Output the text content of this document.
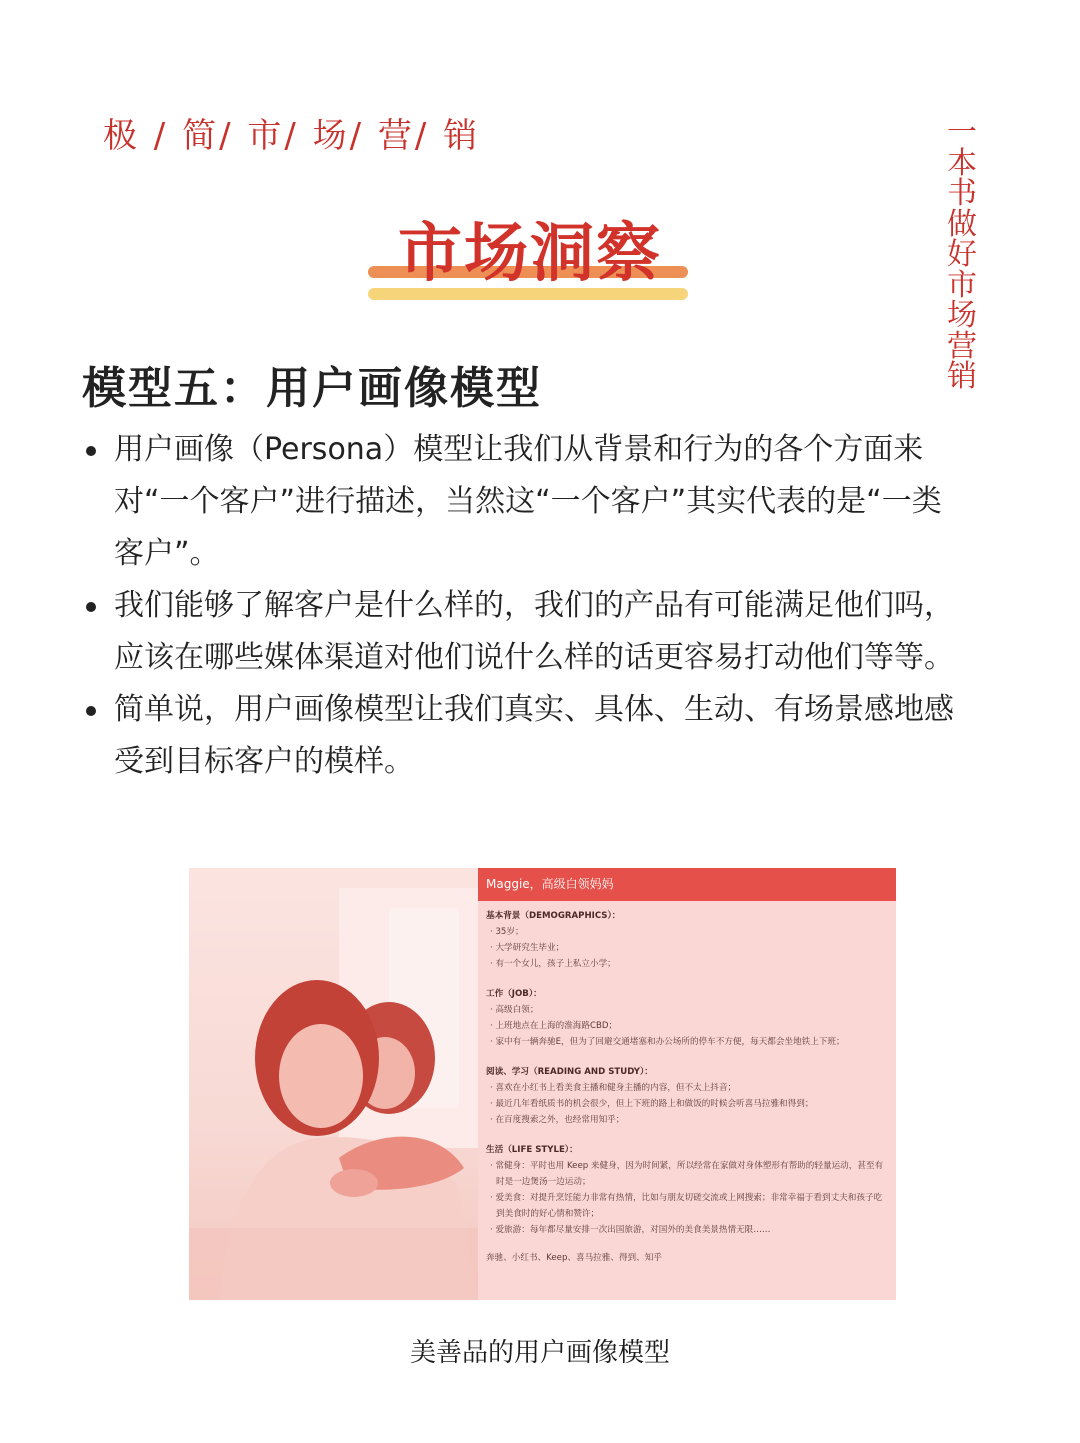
极 / 简/ 市/ 场/ 营/ 销	一本书做好市场营销
市场洞察
模型五：用户画像模型
用户画像（Persona）模型让我们从背景和行为的各个方面来对“一个客户”进行描述，当然这“一个客户”其实代表的是“一类客户”。
我们能够了解客户是什么样的，我们的产品有可能满足他们吗，应该在哪些媒体渠道对他们说什么样的话更容易打动他们等等。
简单说，用户画像模型让我们真实、具体、生动、有场景感地感受到目标客户的模样。
Maggie，高级白领妈妈
基本背景（DEMOGRAPHICS）：
· 35岁；
· 大学研究生毕业；
· 有一个女儿，孩子上私立小学；
工作（JOB）：
· 高级白领；
· 上班地点在上海的淮海路CBD；
· 家中有一辆奔驰E，但为了回避交通堵塞和办公场所的停车不方便，每天都会坐地铁上下班；
阅读、学习（READING AND STUDY）：
· 喜欢在小红书上看美食主播和健身主播的内容，但不太上抖音；
· 最近几年看纸质书的机会很少，但上下班的路上和做饭的时候会听喜马拉雅和得到；
· 在百度搜索之外，也经常用知乎；
生活（LIFE STYLE）：
· 常健身：平时也用 Keep 来健身，因为时间紧，所以经常在家做对身体塑形有帮助的轻量运动，甚至有时是一边煲汤一边运动；
· 爱美食：对提升烹饪能力非常有热情，比如与朋友切磋交流或上网搜索；非常幸福于看到丈夫和孩子吃到美食时的好心情和赞许；
· 爱旅游：每年都尽量安排一次出国旅游，对国外的美食美景热情无限……
奔驰、小红书、Keep、喜马拉雅、得到、知乎
美善品的用户画像模型
